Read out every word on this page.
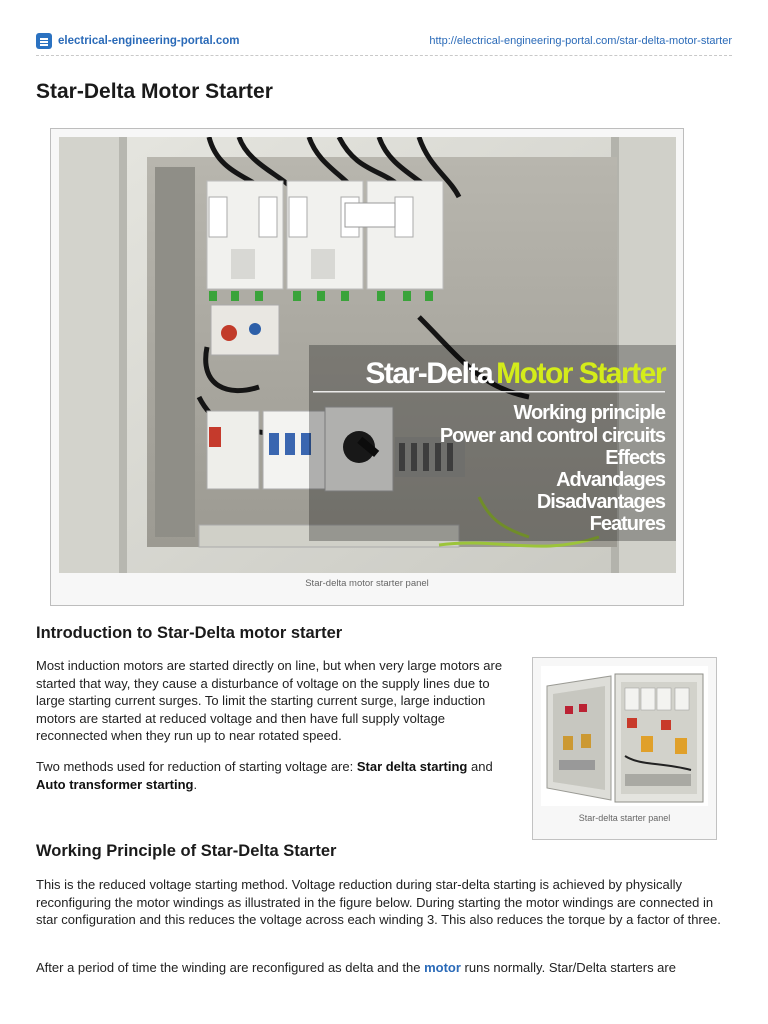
electrical-engineering-portal.com	http://electrical-engineering-portal.com/star-delta-motor-starter
Star-Delta Motor Starter
Star-Delta Motor Starter
Working principle
Power and control circuits
Effects
Advandages
Disadvantages
Features
Star-delta motor starter panel
Introduction to Star-Delta motor starter

Most induction motors are started directly on line, but when very large motors are started that way, they cause a disturbance of voltage on the supply lines due to large starting current surges. To limit the starting current surge, large induction motors are started at reduced voltage and then have full supply voltage reconnected when they run up to near rotated speed.

Two methods used for reduction of starting voltage are: Star delta starting and Auto transformer starting.

Star-delta starter panel
Working Principle of Star-Delta Starter

This is the reduced voltage starting method. Voltage reduction during star-delta starting is achieved by physically reconfiguring the motor windings as illustrated in the figure below. During starting the motor windings are connected in star configuration and this reduces the voltage across each winding 3. This also reduces the torque by a factor of three.

After a period of time the winding are reconfigured as delta and the motor runs normally. Star/Delta starters are
